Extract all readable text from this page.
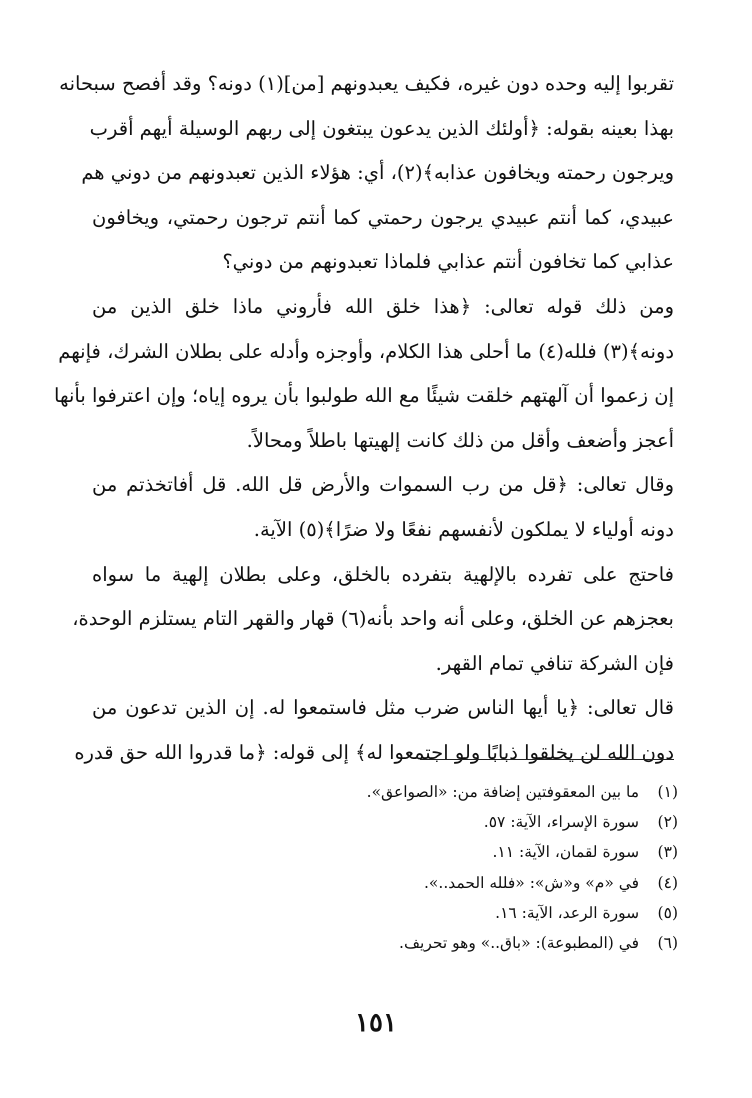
تقربوا إليه وحده دون غيره، فكيف يعبدونهم [من](١) دونه؟ وقد أفصح سبحانه
بهذا بعينه بقوله: ﴿أولئك الذين يدعون يبتغون إلى ربهم الوسيلة أيهم أقرب
ويرجون رحمته ويخافون عذابه﴾(٢)، أي: هؤلاء الذين تعبدونهم من دوني هم
عبيدي، كما أنتم عبيدي يرجون رحمتي كما أنتم ترجون رحمتي، ويخافون
عذابي كما تخافون أنتم عذابي فلماذا تعبدونهم من دوني؟
ومن ذلك قوله تعالى: ﴿هذا خلق الله فأروني ماذا خلق الذين من
دونه﴾(٣) فلله(٤) ما أحلى هذا الكلام، وأوجزه وأدله على بطلان الشرك، فإنهم
إن زعموا أن آلهتهم خلقت شيئًا مع الله طولبوا بأن يروه إياه؛ وإن اعترفوا بأنها
أعجز وأضعف وأقل من ذلك كانت إلهيتها باطلاً ومحالاً.
وقال تعالى: ﴿قل من رب السموات والأرض قل الله. قل أفاتخذتم من
دونه أولياء لا يملكون لأنفسهم نفعًا ولا ضرًا﴾(٥) الآية.
فاحتج على تفرده بالإلهية بتفرده بالخلق، وعلى بطلان إلهية ما سواه
بعجزهم عن الخلق، وعلى أنه واحد بأنه(٦) قهار والقهر التام يستلزم الوحدة،
فإن الشركة تنافي تمام القهر.
قال تعالى: ﴿يا أيها الناس ضرب مثل فاستمعوا له. إن الذين تدعون من
دون الله لن يخلقوا ذبابًا ولو اجتمعوا له﴾ إلى قوله: ﴿ما قدروا الله حق قدره
(١) ما بين المعقوفتين إضافة من: «الصواعق».
(٢) سورة الإسراء، الآية: ٥٧.
(٣) سورة لقمان، الآية: ١١.
(٤) في «م» و«ش»: «فلله الحمد..».
(٥) سورة الرعد، الآية: ١٦.
(٦) في (المطبوعة): «باق..» وهو تحريف.
١٥١
